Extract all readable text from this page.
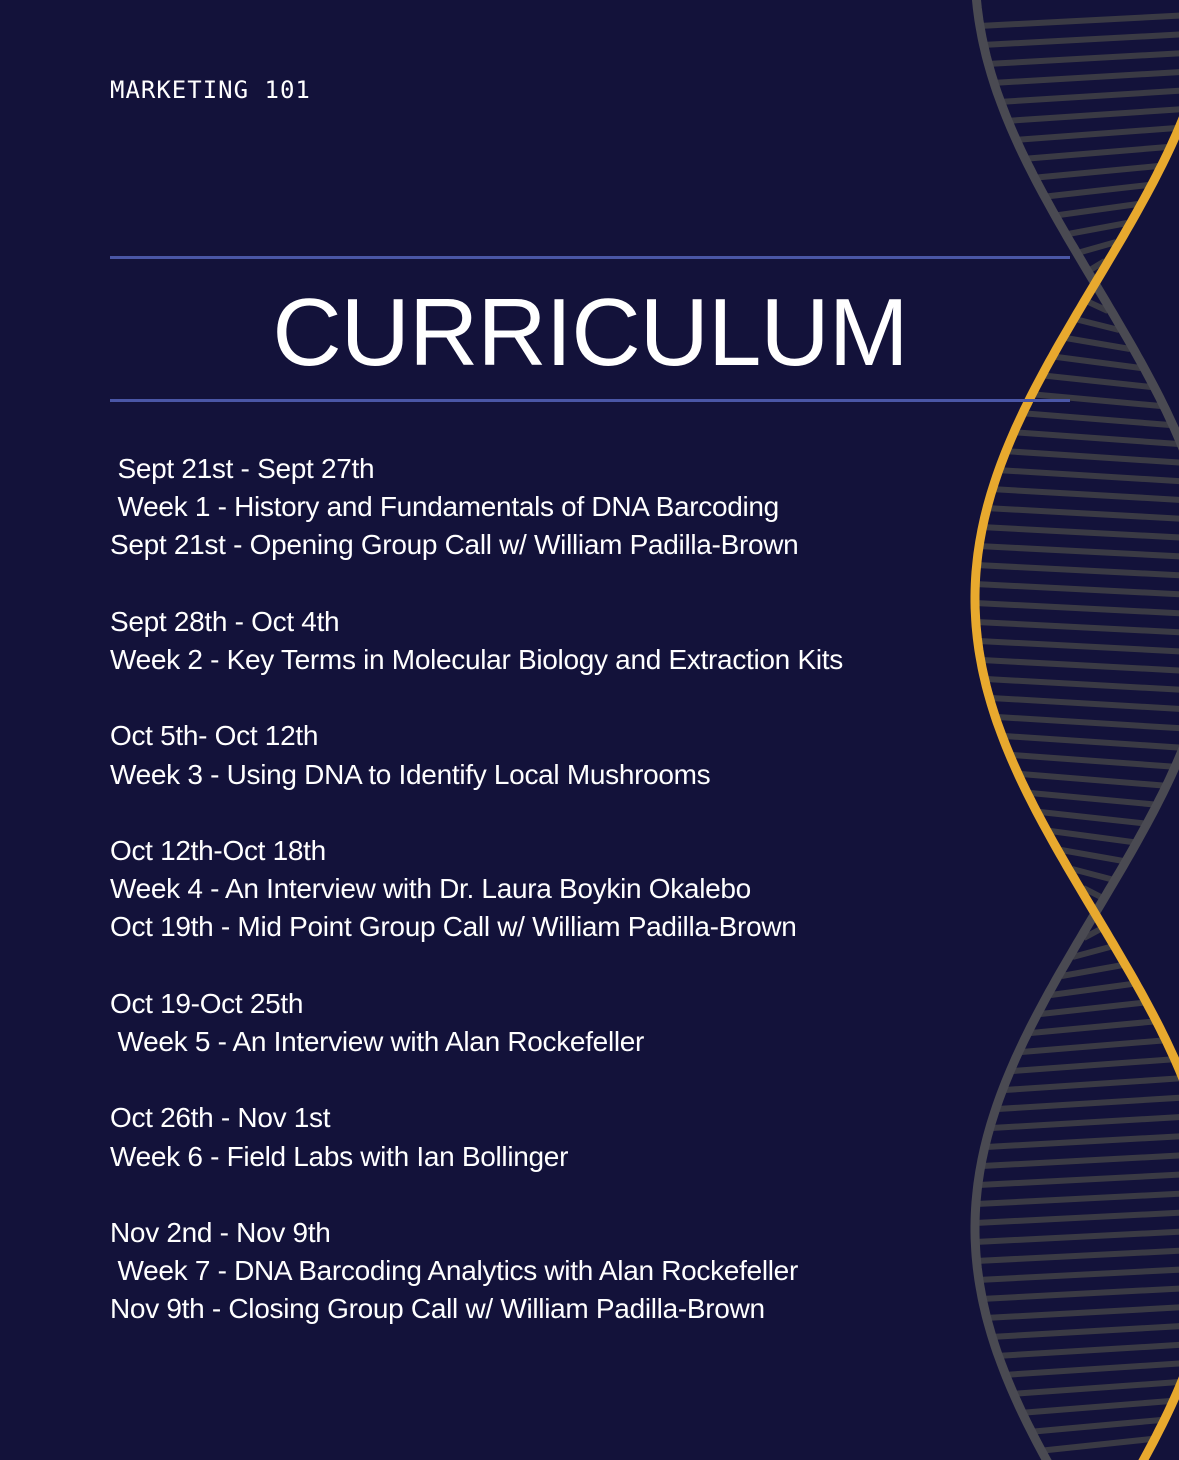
MARKETING 101
CURRICULUM
Sept 21st - Sept 27th
Week 1 - History and Fundamentals of DNA Barcoding
Sept 21st - Opening Group Call w/ William Padilla-Brown
Sept 28th - Oct 4th
Week 2 - Key Terms in Molecular Biology and Extraction Kits
Oct 5th- Oct 12th
Week 3 - Using DNA to Identify Local Mushrooms
Oct 12th-Oct 18th
Week 4 - An Interview with Dr. Laura Boykin Okalebo
Oct 19th - Mid Point Group Call w/ William Padilla-Brown
Oct 19-Oct 25th
Week 5 - An Interview with Alan Rockefeller
Oct 26th - Nov 1st
Week 6 - Field Labs with Ian Bollinger
Nov 2nd - Nov 9th
Week 7 - DNA Barcoding Analytics with Alan Rockefeller
Nov 9th - Closing Group Call w/ William Padilla-Brown
